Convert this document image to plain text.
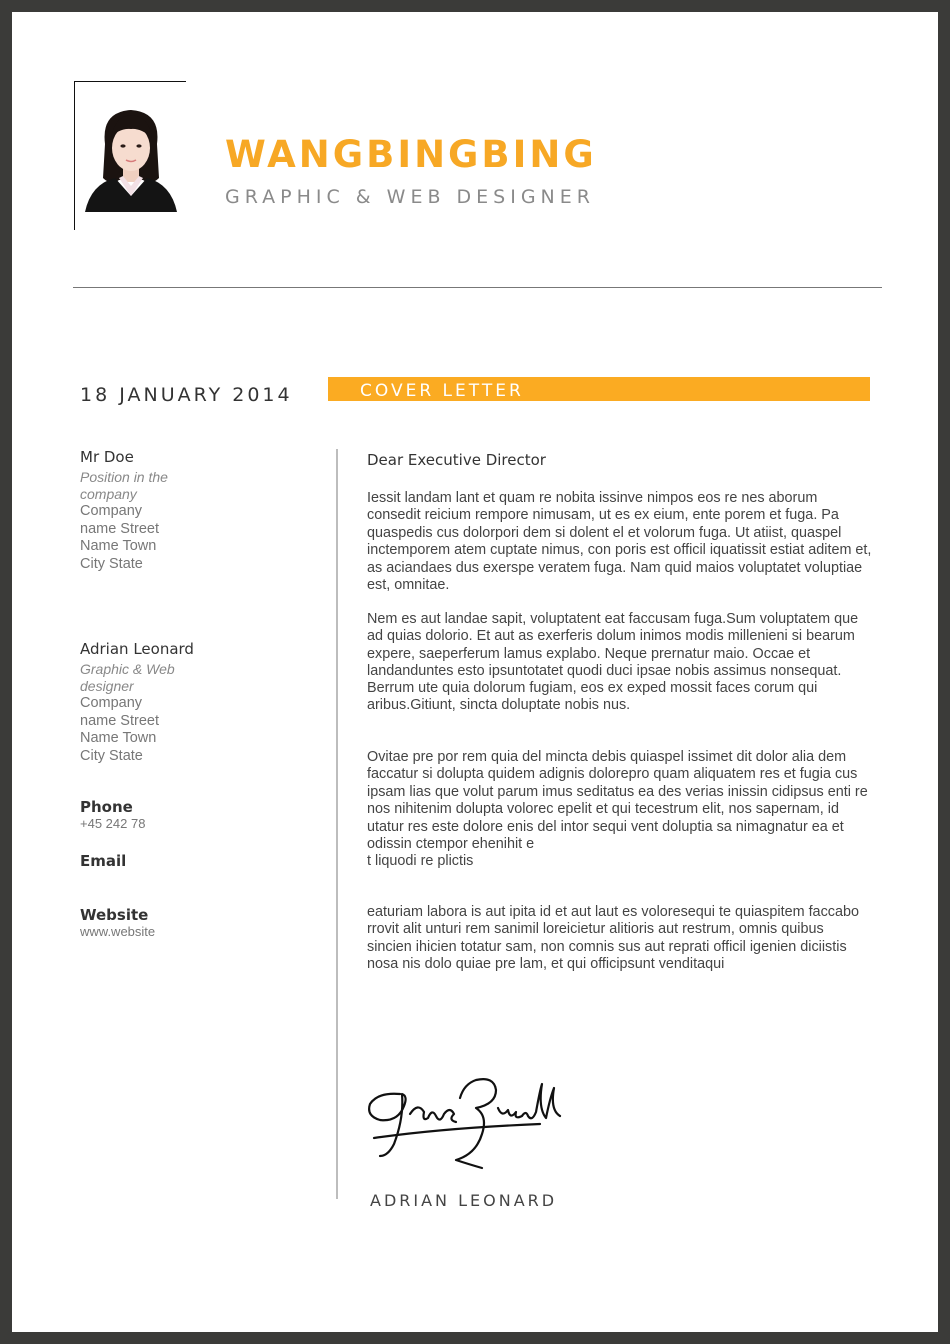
WANGBINGBING
GRAPHIC & WEB DESIGNER
18 JANUARY 2014	COVER LETTER
Mr Doe
Position in the company
Company name Street Name Town City State
Adrian Leonard
Graphic & Web designer
Company name Street Name Town City State
Phone
+45 242 78
Email
Website
www.website
Dear Executive Director
Iessit landam lant et quam re nobita issinve nimpos eos re nes aborum consedit reicium rempore nimusam, ut es ex eium, ente porem et fuga. Pa quaspedis cus dolorpori dem si dolent el et volorum fuga. Ut atiist, quaspel inctemporem atem cuptate nimus, con poris est officil iquatissit estiat aditem et, as aciandaes dus exerspe veratem fuga. Nam quid maios voluptatet voluptiae est, omnitae.
Nem es aut landae sapit, voluptatent eat faccusam fuga.Sum voluptatem que ad quias dolorio. Et aut as exerferis dolum inimos modis millenieni si bearum expere, saeperferum lamus explabo. Neque prernatur maio. Occae et landanduntes esto ipsuntotatet quodi duci ipsae nobis assimus nonsequat.
Berrum ute quia dolorum fugiam, eos ex exped mossit faces corum qui aribus.Gitiunt, sincta doluptate nobis nus.
Ovitae pre por rem quia del mincta debis quiaspel issimet dit dolor alia dem faccatur si dolupta quidem adignis dolorepro quam aliquatem res et fugia cus ipsam lias que volut parum imus seditatus ea des verias inissin cidipsus enti re nos nihitenim dolupta volorec epelit et qui tecestrum elit, nos sapernam, id utatur res este dolore enis del intor sequi vent doluptia sa nimagnatur ea et odissin ctempor ehenihit e
t liquodi re plictis
eaturiam labora is aut ipita id et aut laut es voloresequi te quiaspitem faccabo rrovit alit unturi rem sanimil loreicietur alitioris aut restrum, omnis quibus sincien ihicien totatur sam, non comnis sus aut reprati officil igenien diciistis nosa nis dolo quiae pre lam, et qui officipsunt venditaqui
ADRIAN LEONARD
